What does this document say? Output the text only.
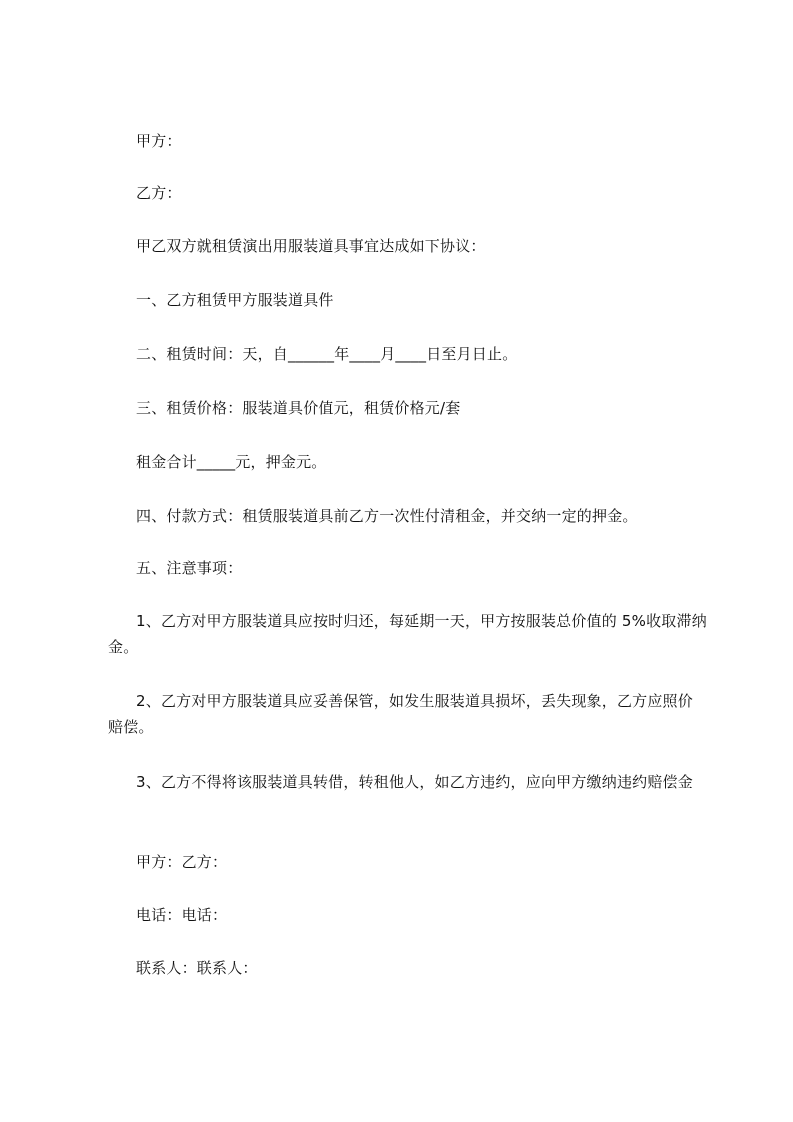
甲方：
乙方：
甲乙双方就租赁演出用服装道具事宜达成如下协议：
一、乙方租赁甲方服装道具件
二、租赁时间：天，自______年____月____日至月日止。
三、租赁价格：服装道具价值元，租赁价格元/套
租金合计_____元，押金元。
四、付款方式：租赁服装道具前乙方一次性付清租金，并交纳一定的押金。
五、注意事项：
1、乙方对甲方服装道具应按时归还，每延期一天，甲方按服装总价值的 5%收取滞纳金。
2、乙方对甲方服装道具应妥善保管，如发生服装道具损坏，丢失现象，乙方应照价赔偿。
3、乙方不得将该服装道具转借，转租他人，如乙方违约，应向甲方缴纳违约赔偿金
甲方：乙方：
电话：电话：
联系人：联系人：
